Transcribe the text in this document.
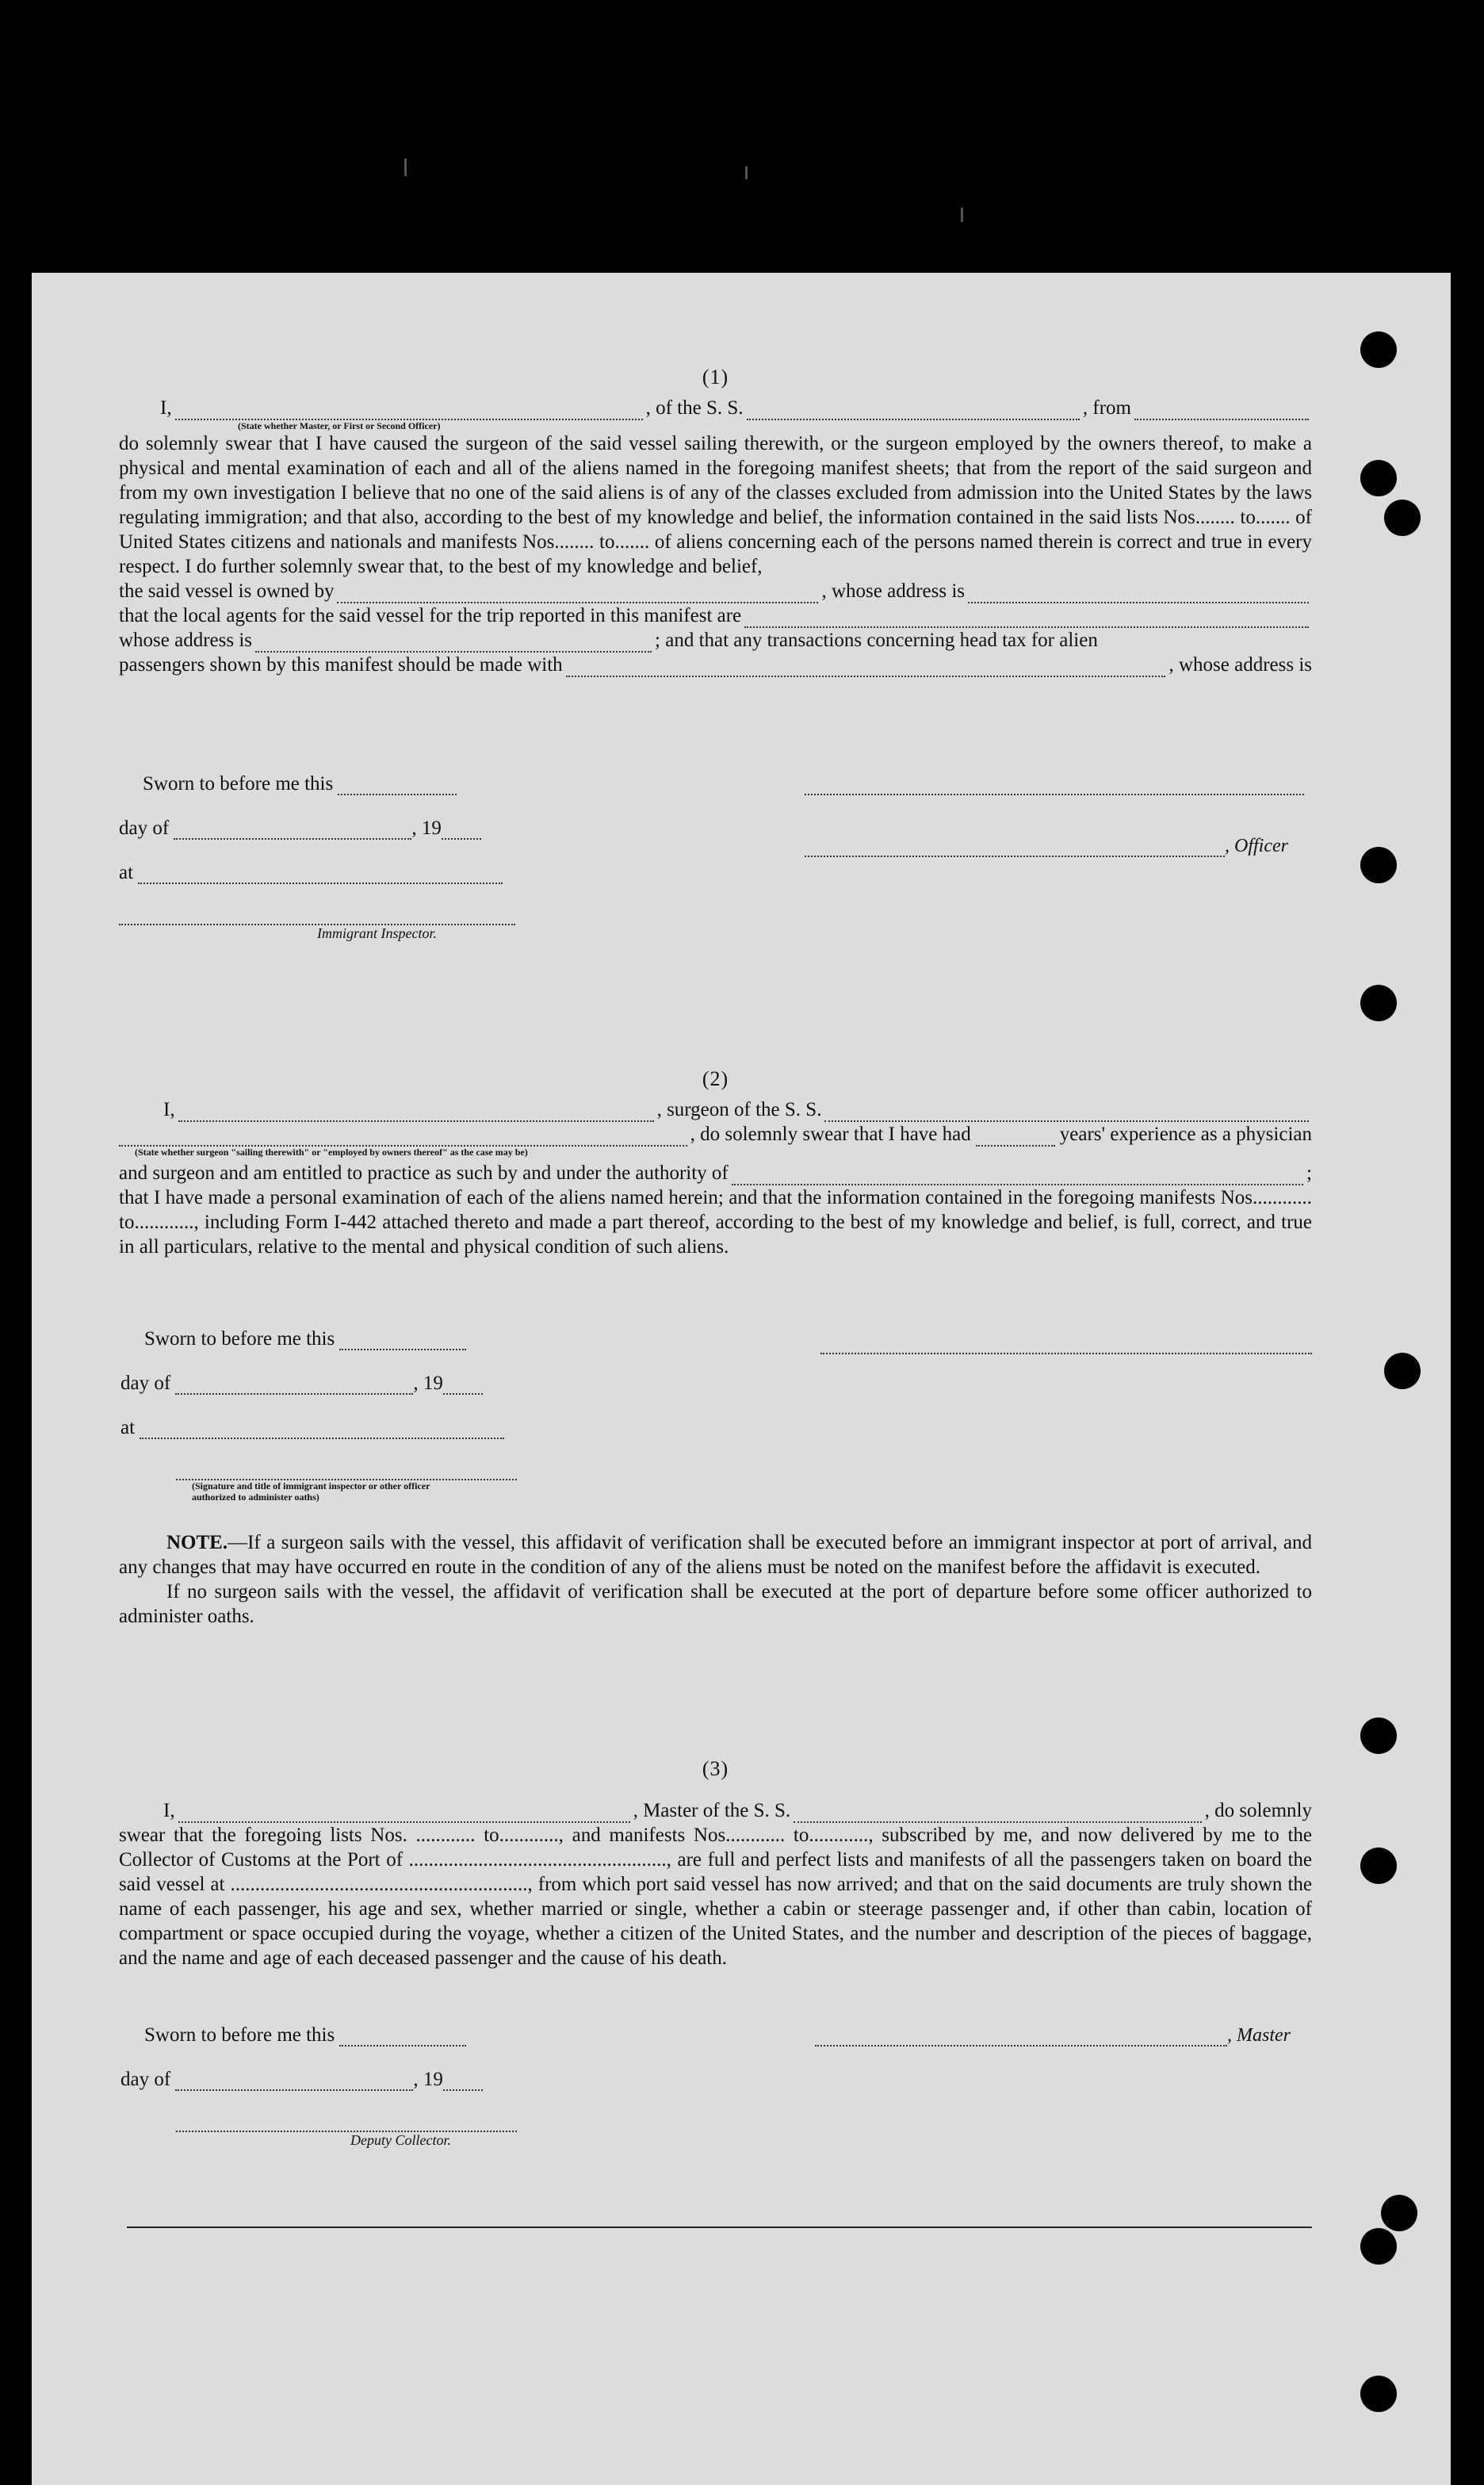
(1)
I,	, of the S. S.	, from
(State whether Master, or First or Second Officer)
do solemnly swear that I have caused the surgeon of the said vessel sailing therewith, or the surgeon employed by the owners thereof, to make a physical and mental examination of each and all of the aliens named in the foregoing manifest sheets; that from the report of the said surgeon and from my own investigation I believe that no one of the said aliens is of any of the classes excluded from admission into the United States by the laws regulating immigration; and that also, according to the best of my knowledge and belief, the information contained in the said lists Nos........ to....... of United States citizens and nationals and manifests Nos........ to....... of aliens concerning each of the persons named therein is correct and true in every respect. I do further solemnly swear that, to the best of my knowledge and belief,
the said vessel is owned by	, whose address is
that the local agents for the said vessel for the trip reported in this manifest are
whose address is	; and that any transactions concerning head tax for alien
passengers shown by this manifest should be made with	, whose address is
Sworn to before me this
day of	, 19
at
Immigrant Inspector.
, Officer
(2)
I,	, surgeon of the S. S.
, do solemnly swear that I have had	years' experience as a physician
(State whether surgeon "sailing therewith" or "employed by owners thereof" as the case may be)
and surgeon and am entitled to practice as such by and under the authority of	;
that I have made a personal examination of each of the aliens named herein; and that the information contained in the foregoing manifests Nos............ to............, including Form I-442 attached thereto and made a part thereof, according to the best of my knowledge and belief, is full, correct, and true in all particulars, relative to the mental and physical condition of such aliens.
Sworn to before me this
day of	, 19
at
(Signature and title of immigrant inspector or other officer authorized to administer oaths)
NOTE.—If a surgeon sails with the vessel, this affidavit of verification shall be executed before an immigrant inspector at port of arrival, and any changes that may have occurred en route in the condition of any of the aliens must be noted on the manifest before the affidavit is executed.
If no surgeon sails with the vessel, the affidavit of verification shall be executed at the port of departure before some officer authorized to administer oaths.
(3)
I,	, Master of the S. S.	, do solemnly
swear that the foregoing lists Nos. ............ to............, and manifests Nos............ to............, subscribed by me, and now delivered by me to the Collector of Customs at the Port of ...................................................., are full and perfect lists and manifests of all the passengers taken on board the said vessel at ............................................................, from which port said vessel has now arrived; and that on the said documents are truly shown the name of each passenger, his age and sex, whether married or single, whether a cabin or steerage passenger and, if other than cabin, location of compartment or space occupied during the voyage, whether a citizen of the United States, and the number and description of the pieces of baggage, and the name and age of each deceased passenger and the cause of his death.
Sworn to before me this
day of	, 19
Deputy Collector.
, Master
